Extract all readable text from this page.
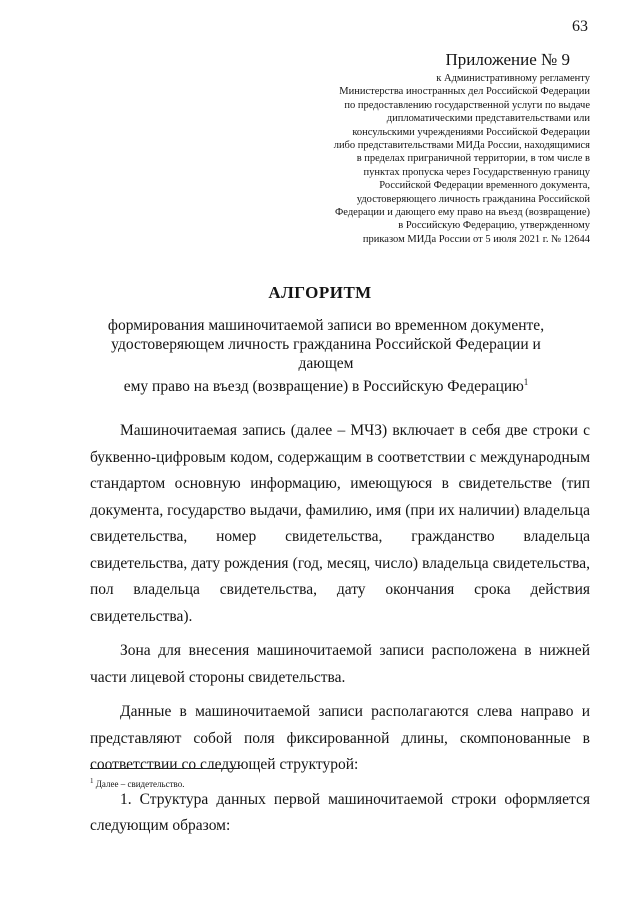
63
Приложение № 9

к Административному регламенту
Министерства иностранных дел Российской Федерации
по предоставлению государственной услуги по выдаче
дипломатическими представительствами или
консульскими учреждениями Российской Федерации
либо представительствами МИДа России, находящимися
в пределах приграничной территории, в том числе в
пунктах пропуска через Государственную границу
Российской Федерации временного документа,
удостоверяющего личность гражданина Российской
Федерации и дающего ему право на въезд (возвращение)
в Российскую Федерацию, утвержденному
приказом МИДа России от 5 июля 2021 г. № 12644

АЛГОРИТМ
формирования машиночитаемой записи во временном документе,
удостоверяющем личность гражданина Российской Федерации и дающем
ему право на въезд (возвращение) в Российскую Федерацию$^1$

Машиночитаемая запись (далее – МЧЗ) включает в себя две строки с буквенно-цифровым кодом, содержащим в соответствии с международным стандартом основную информацию, имеющуюся в свидетельстве (тип документа, государство выдачи, фамилию, имя (при их наличии) владельца свидетельства, номер свидетельства, гражданство владельца свидетельства, дату рождения (год, месяц, число) владельца свидетельства, пол владельца свидетельства, дату окончания срока действия свидетельства).

Зона для внесения машиночитаемой записи расположена в нижней части лицевой стороны свидетельства.

Данные в машиночитаемой записи располагаются слева направо и представляют собой поля фиксированной длины, скомпонованные в соответствии со следующей структурой:

1. Структура данных первой машиночитаемой строки оформляется следующим образом:

$^1$ Далее – свидетельство.
